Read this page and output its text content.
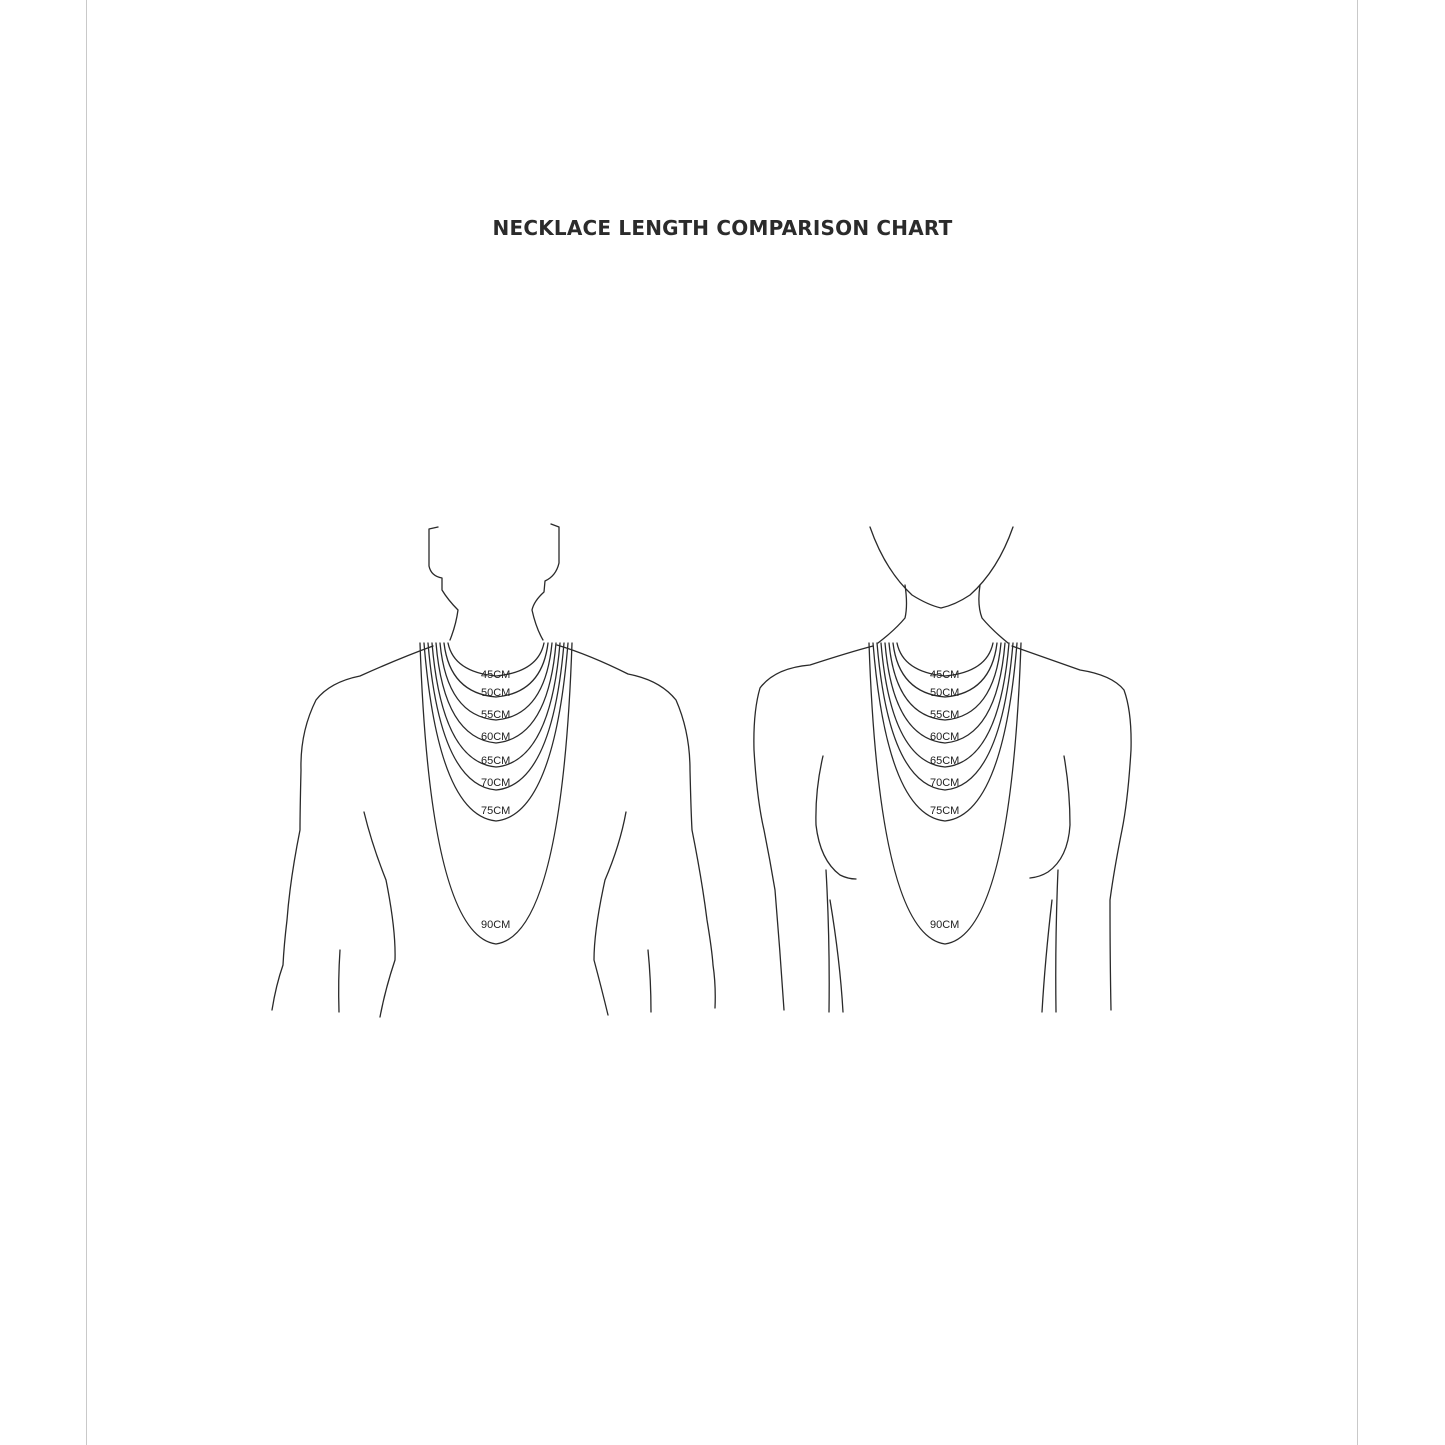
NECKLACE LENGTH COMPARISON CHART
45CM
50CM
55CM
60CM
65CM
70CM
75CM
90CM
45CM
50CM
55CM
60CM
65CM
70CM
75CM
90CM
